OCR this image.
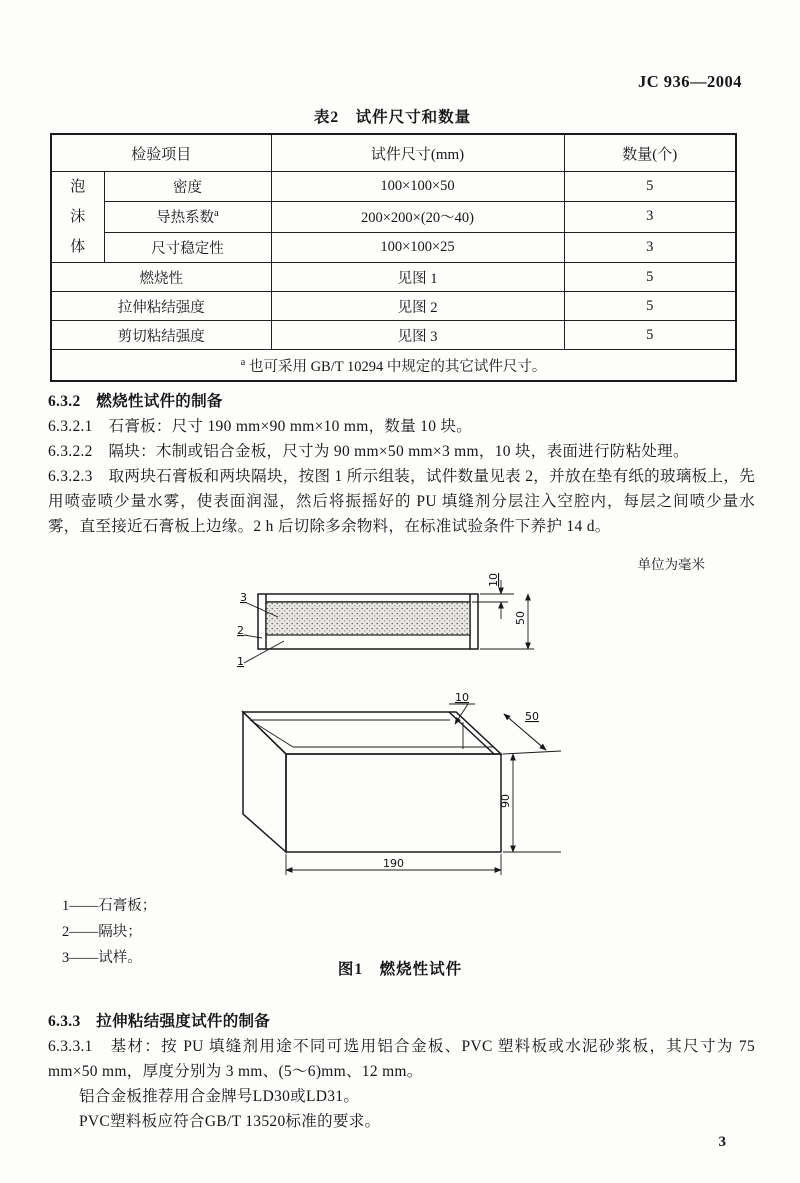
JC 936—2004
表2　试件尺寸和数量
检验项目		试件尺寸(mm)	数量(个)

泡沫体	密度	100×100×50	5
	导热系数$^a$	200×200×(20～40)	3
	尺寸稳定性	100×100×25	3
燃烧性		见图 1	5
拉伸粘结强度		见图 2	5
剪切粘结强度		见图 3	5
$^a$ 也可采用 GB/T 10294 中规定的其它试件尺寸。			
6.3.2　燃烧性试件的制备
6.3.2.1　石膏板：尺寸 190 mm×90 mm×10 mm，数量 10 块。
6.3.2.2　隔块：木制或铝合金板，尺寸为 90 mm×50 mm×3 mm，10 块，表面进行防粘处理。
6.3.2.3　取两块石膏板和两块隔块，按图 1 所示组装，试件数量见表 2，并放在垫有纸的玻璃板上，先用喷壶喷少量水雾，使表面润湿，然后将振摇好的 PU 填缝剂分层注入空腔内，每层之间喷少量水雾，直至接近石膏板上边缘。2 h 后切除多余物料，在标准试验条件下养护 14 d。
单位为毫米
3
2
1
10
50
10
50
90
190
1——石膏板；
2——隔块；
3——试样。
图1　燃烧性试件
6.3.3　拉伸粘结强度试件的制备
6.3.3.1　基材：按 PU 填缝剂用途不同可选用铝合金板、PVC 塑料板或水泥砂浆板，其尺寸为 75 mm×50 mm，厚度分别为 3 mm、(5～6)mm、12 mm。
铝合金板推荐用合金牌号LD30或LD31。
PVC塑料板应符合GB/T 13520标准的要求。
3
